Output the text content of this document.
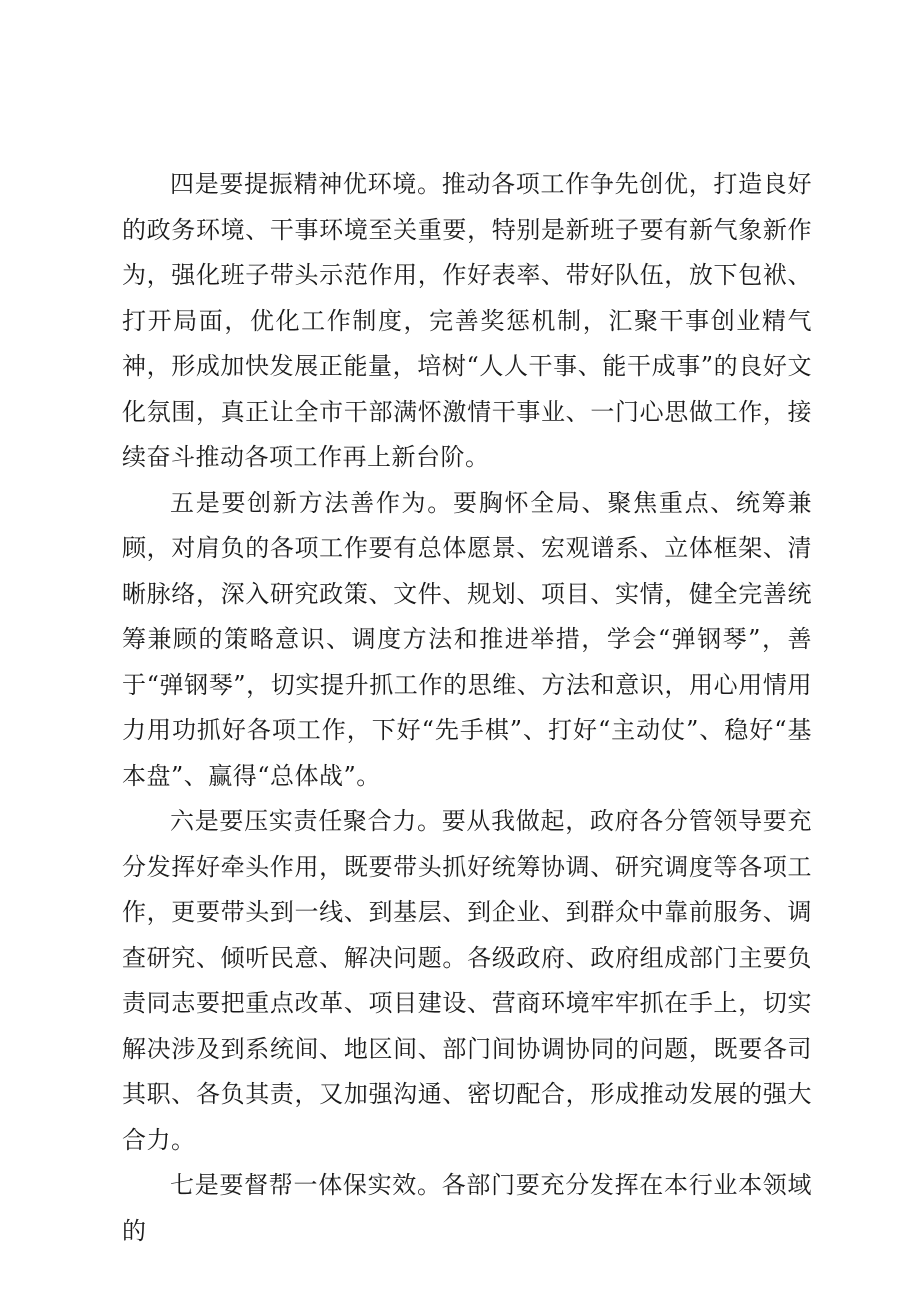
四是要提振精神优环境。推动各项工作争先创优，打造良好的政务环境、干事环境至关重要，特别是新班子要有新气象新作为，强化班子带头示范作用，作好表率、带好队伍，放下包袱、打开局面，优化工作制度，完善奖惩机制，汇聚干事创业精气神，形成加快发展正能量，培树“人人干事、能干成事”的良好文化氛围，真正让全市干部满怀激情干事业、一门心思做工作，接续奋斗推动各项工作再上新台阶。

五是要创新方法善作为。要胸怀全局、聚焦重点、统筹兼顾，对肩负的各项工作要有总体愿景、宏观谱系、立体框架、清晰脉络，深入研究政策、文件、规划、项目、实情，健全完善统筹兼顾的策略意识、调度方法和推进举措，学会“弹钢琴”，善于“弹钢琴”，切实提升抓工作的思维、方法和意识，用心用情用力用功抓好各项工作，下好“先手棋”、打好“主动仗”、稳好“基本盘”、赢得“总体战”。

六是要压实责任聚合力。要从我做起，政府各分管领导要充分发挥好牵头作用，既要带头抓好统筹协调、研究调度等各项工作，更要带头到一线、到基层、到企业、到群众中靠前服务、调查研究、倾听民意、解决问题。各级政府、政府组成部门主要负责同志要把重点改革、项目建设、营商环境牢牢抓在手上，切实解决涉及到系统间、地区间、部门间协调协同的问题，既要各司其职、各负其责，又加强沟通、密切配合，形成推动发展的强大合力。

七是要督帮一体保实效。各部门要充分发挥在本行业本领域的
